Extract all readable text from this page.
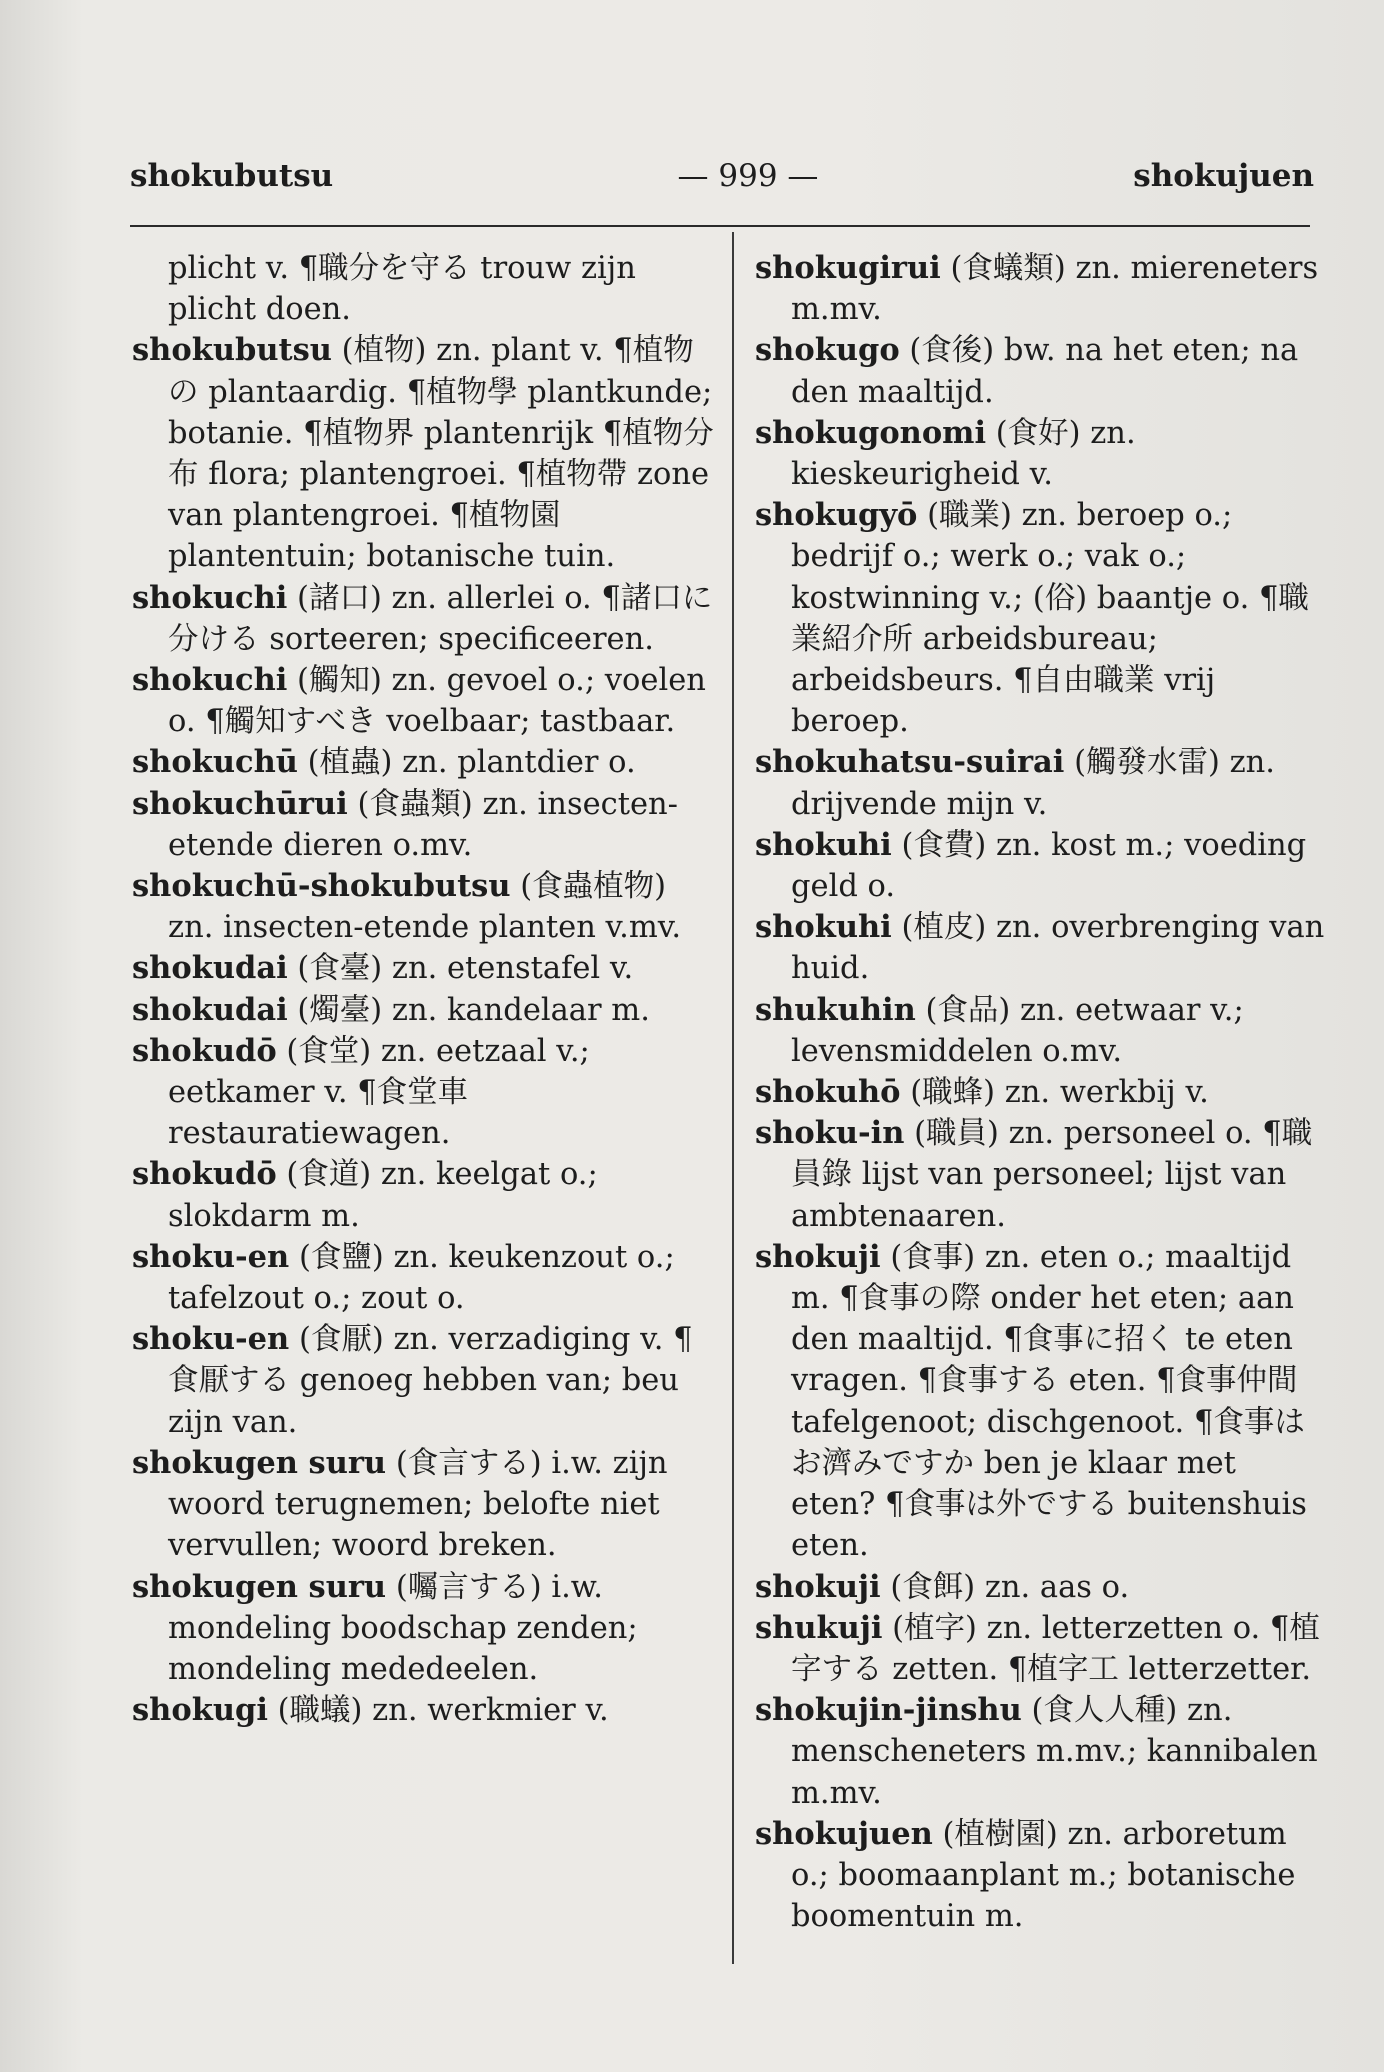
shokubutsu	— 999 —	shokujuen

plicht v. ¶職分を守る trouw zijn plicht doen.

shokubutsu (植物) zn. plant v. ¶植物の plantaardig. ¶植物學 plantkunde; botanie. ¶植物界 plantenrijk ¶植物分布 flora; plantengroei. ¶植物帶 zone van plantengroei. ¶植物園 plantentuin; botanische tuin.

shokuchi (諸口) zn. allerlei o. ¶諸口に分ける sorteeren; specificeeren.

shokuchi (觸知) zn. gevoel o.; voelen o. ¶觸知すべき voelbaar; tastbaar.

shokuchū (植蟲) zn. plantdier o.

shokuchūrui (食蟲類) zn. insecten-etende dieren o.mv.

shokuchū-shokubutsu (食蟲植物) zn. insecten-etende planten v.mv.

shokudai (食臺) zn. etenstafel v.

shokudai (燭臺) zn. kandelaar m.

shokudō (食堂) zn. eetzaal v.; eetkamer v. ¶食堂車 restauratiewagen.

shokudō (食道) zn. keelgat o.; slokdarm m.

shoku-en (食鹽) zn. keukenzout o.; tafelzout o.; zout o.

shoku-en (食厭) zn. verzadiging v. ¶食厭する genoeg hebben van; beu zijn van.

shokugen suru (食言する) i.w. zijn woord terugnemen; belofte niet vervullen; woord breken.

shokugen suru (囑言する) i.w. mondeling boodschap zenden; mondeling mededeelen.

shokugi (職蟻) zn. werkmier v.

shokugirui (食蟻類) zn. miereneters m.mv.

shokugo (食後) bw. na het eten; na den maaltijd.

shokugonomi (食好) zn. kieskeurigheid v.

shokugyō (職業) zn. beroep o.; bedrijf o.; werk o.; vak o.; kostwinning v.; (俗) baantje o. ¶職業紹介所 arbeidsbureau; arbeidsbeurs. ¶自由職業 vrij beroep.

shokuhatsu-suirai (觸發水雷) zn. drijvende mijn v.

shokuhi (食費) zn. kost m.; voeding geld o.

shokuhi (植皮) zn. overbrenging van huid.

shukuhin (食品) zn. eetwaar v.; levensmiddelen o.mv.

shokuhō (職蜂) zn. werkbij v.

shoku-in (職員) zn. personeel o. ¶職員錄 lijst van personeel; lijst van ambtenaaren.

shokuji (食事) zn. eten o.; maaltijd m. ¶食事の際 onder het eten; aan den maaltijd. ¶食事に招く te eten vragen. ¶食事する eten. ¶食事仲間 tafelgenoot; dischgenoot. ¶食事はお濟みですか ben je klaar met eten? ¶食事は外でする buitenshuis eten.

shokuji (食餌) zn. aas o.

shukuji (植字) zn. letterzetten o. ¶植字する zetten. ¶植字工 letterzetter.

shokujin-jinshu (食人人種) zn. menscheneters m.mv.; kannibalen m.mv.

shokujuen (植樹園) zn. arboretum o.; boomaanplant m.; botanische boomentuin m.
